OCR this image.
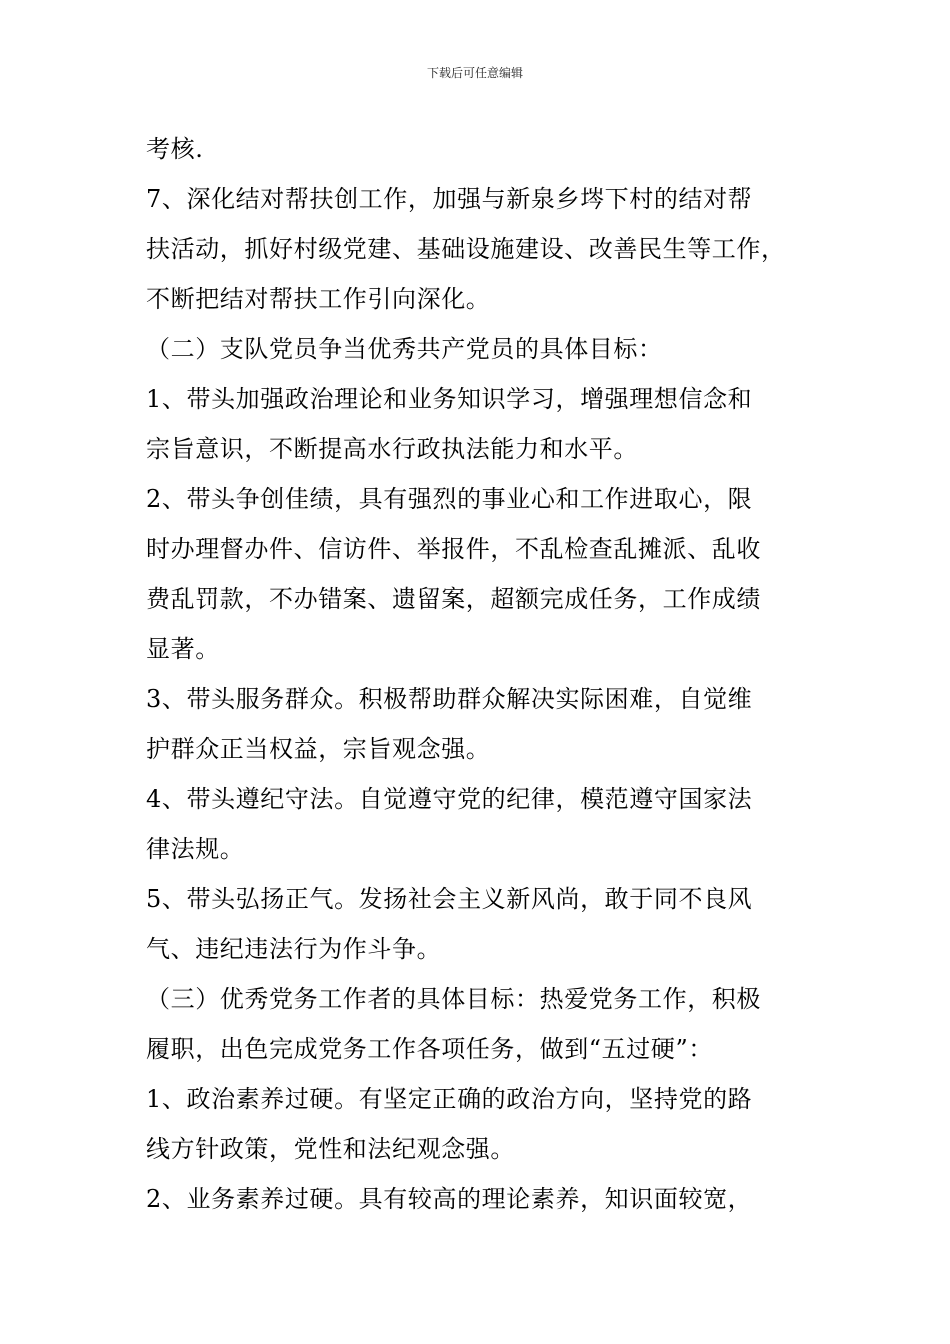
下载后可任意编辑
考核.
7、深化结对帮扶创工作，加强与新泉乡埁下村的结对帮
扶活动，抓好村级党建、基础设施建设、改善民生等工作，
不断把结对帮扶工作引向深化。
（二）支队党员争当优秀共产党员的具体目标：
1、带头加强政治理论和业务知识学习，增强理想信念和
宗旨意识，不断提高水行政执法能力和水平。
2、带头争创佳绩，具有强烈的事业心和工作进取心，限
时办理督办件、信访件、举报件，不乱检查乱摊派、乱收
费乱罚款，不办错案、遗留案，超额完成任务，工作成绩
显著。
3、带头服务群众。积极帮助群众解决实际困难，自觉维
护群众正当权益，宗旨观念强。
4、带头遵纪守法。自觉遵守党的纪律，模范遵守国家法
律法规。
5、带头弘扬正气。发扬社会主义新风尚，敢于同不良风
气、违纪违法行为作斗争。
（三）优秀党务工作者的具体目标：热爱党务工作，积极
履职，出色完成党务工作各项任务，做到“五过硬”：
1、政治素养过硬。有坚定正确的政治方向，坚持党的路
线方针政策，党性和法纪观念强。
2、业务素养过硬。具有较高的理论素养，知识面较宽，
